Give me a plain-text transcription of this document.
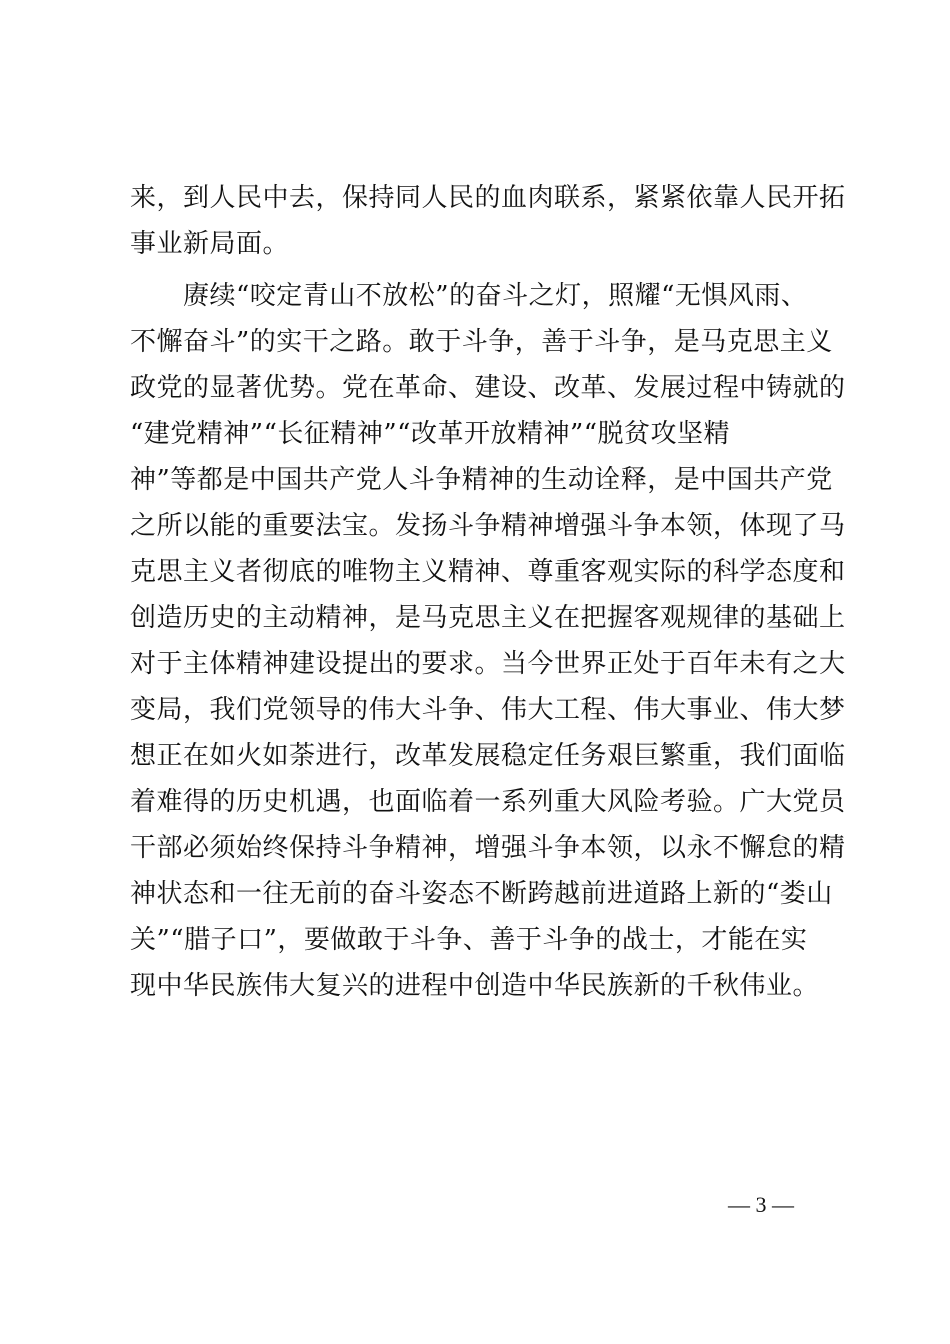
来，到人民中去，保持同人民的血肉联系，紧紧依靠人民开拓
事业新局面。
　　赓续“咬定青山不放松”的奋斗之灯，照耀“无惧风雨、
不懈奋斗”的实干之路。敢于斗争，善于斗争，是马克思主义
政党的显著优势。党在革命、建设、改革、发展过程中铸就的
“建党精神”“长征精神”“改革开放精神”“脱贫攻坚精
神”等都是中国共产党人斗争精神的生动诠释，是中国共产党
之所以能的重要法宝。发扬斗争精神增强斗争本领，体现了马
克思主义者彻底的唯物主义精神、尊重客观实际的科学态度和
创造历史的主动精神，是马克思主义在把握客观规律的基础上
对于主体精神建设提出的要求。当今世界正处于百年未有之大
变局，我们党领导的伟大斗争、伟大工程、伟大事业、伟大梦
想正在如火如荼进行，改革发展稳定任务艰巨繁重，我们面临
着难得的历史机遇，也面临着一系列重大风险考验。广大党员
干部必须始终保持斗争精神，增强斗争本领，以永不懈怠的精
神状态和一往无前的奋斗姿态不断跨越前进道路上新的“娄山
关”“腊子口”，要做敢于斗争、善于斗争的战士，才能在实
现中华民族伟大复兴的进程中创造中华民族新的千秋伟业。
— 3 —
